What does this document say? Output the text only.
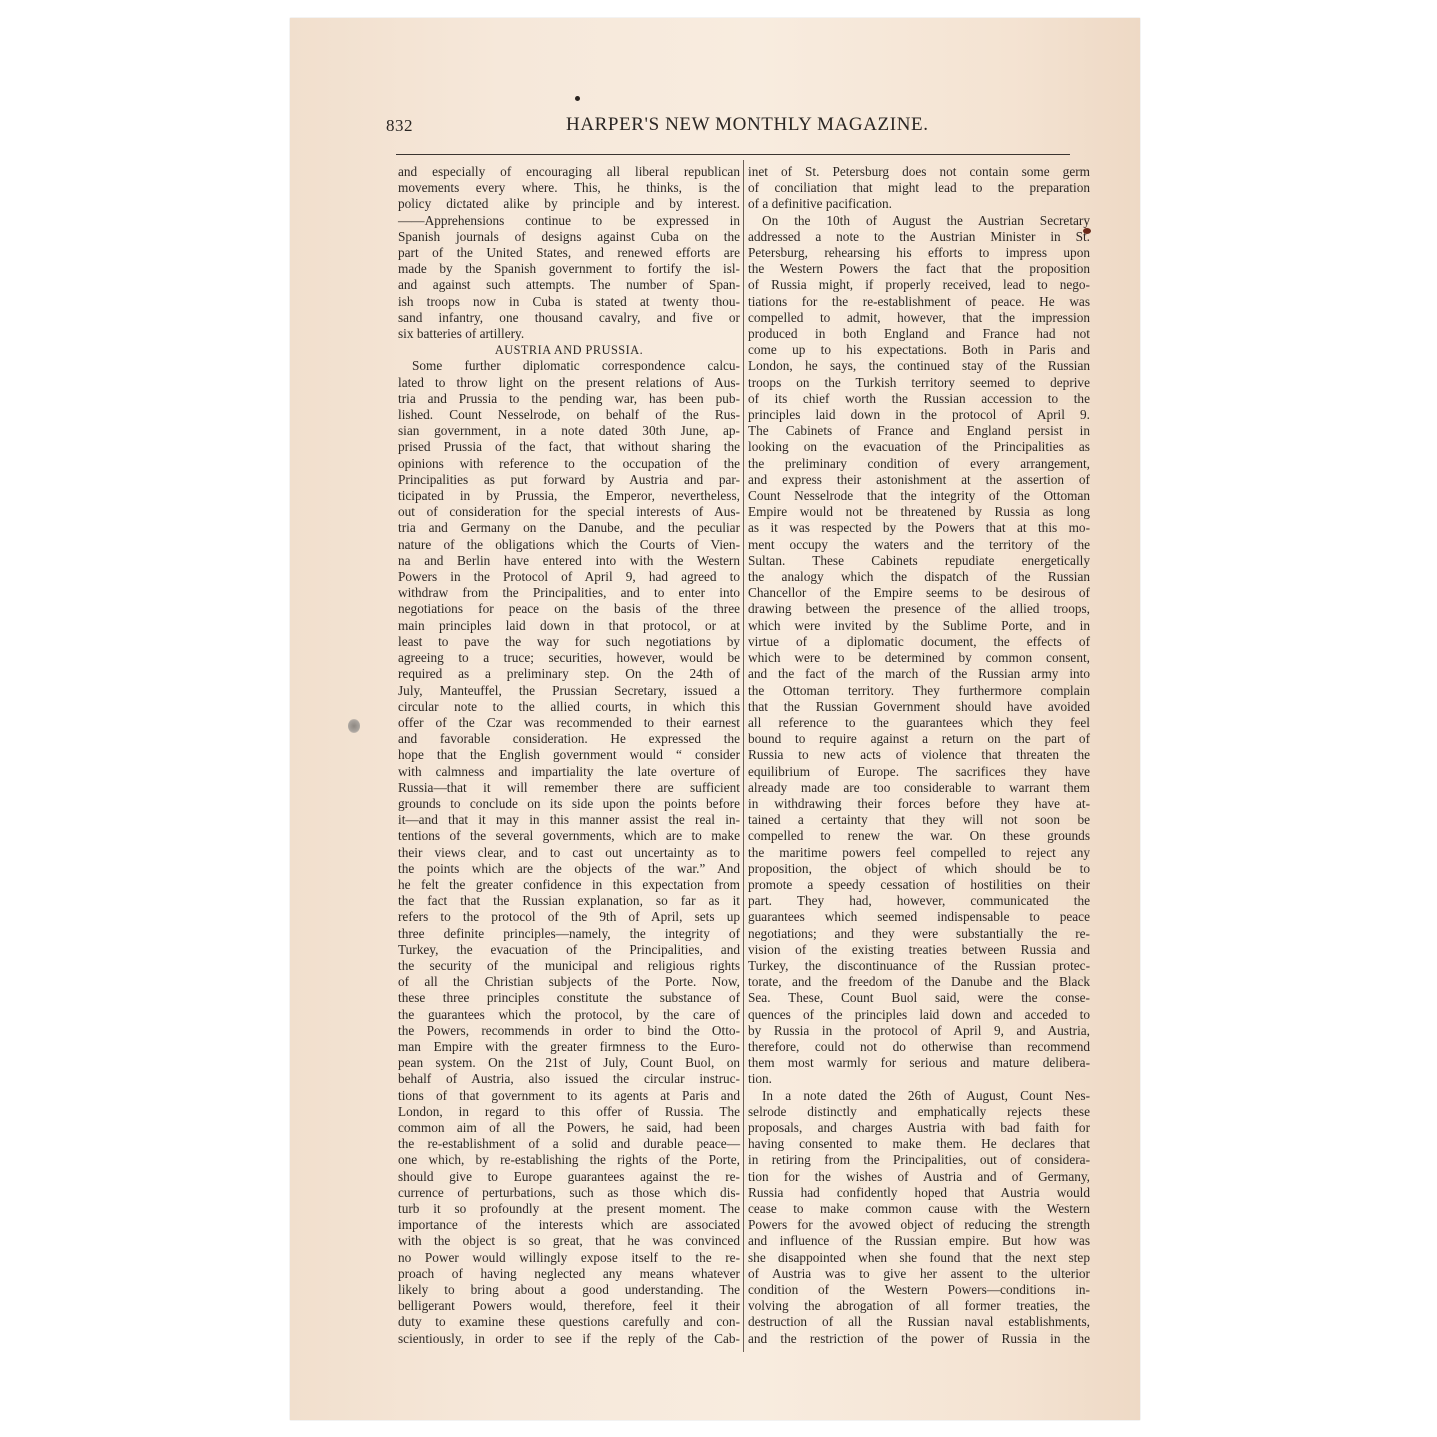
832	HARPER'S NEW MONTHLY MAGAZINE.
and especially of encouraging all liberal republican
movements every where. This, he thinks, is the
policy dictated alike by principle and by interest.
——Apprehensions continue to be expressed in
Spanish journals of designs against Cuba on the
part of the United States, and renewed efforts are
made by the Spanish government to fortify the isl-
and against such attempts. The number of Span-
ish troops now in Cuba is stated at twenty thou-
sand infantry, one thousand cavalry, and five or
six batteries of artillery.
AUSTRIA AND PRUSSIA.
Some further diplomatic correspondence calcu-
lated to throw light on the present relations of Aus-
tria and Prussia to the pending war, has been pub-
lished. Count Nesselrode, on behalf of the Rus-
sian government, in a note dated 30th June, ap-
prised Prussia of the fact, that without sharing the
opinions with reference to the occupation of the
Principalities as put forward by Austria and par-
ticipated in by Prussia, the Emperor, nevertheless,
out of consideration for the special interests of Aus-
tria and Germany on the Danube, and the peculiar
nature of the obligations which the Courts of Vien-
na and Berlin have entered into with the Western
Powers in the Protocol of April 9, had agreed to
withdraw from the Principalities, and to enter into
negotiations for peace on the basis of the three
main principles laid down in that protocol, or at
least to pave the way for such negotiations by
agreeing to a truce; securities, however, would be
required as a preliminary step. On the 24th of
July, Manteuffel, the Prussian Secretary, issued a
circular note to the allied courts, in which this
offer of the Czar was recommended to their earnest
and favorable consideration. He expressed the
hope that the English government would “ consider
with calmness and impartiality the late overture of
Russia—that it will remember there are sufficient
grounds to conclude on its side upon the points before
it—and that it may in this manner assist the real in-
tentions of the several governments, which are to make
their views clear, and to cast out uncertainty as to
the points which are the objects of the war.” And
he felt the greater confidence in this expectation from
the fact that the Russian explanation, so far as it
refers to the protocol of the 9th of April, sets up
three definite principles—namely, the integrity of
Turkey, the evacuation of the Principalities, and
the security of the municipal and religious rights
of all the Christian subjects of the Porte. Now,
these three principles constitute the substance of
the guarantees which the protocol, by the care of
the Powers, recommends in order to bind the Otto-
man Empire with the greater firmness to the Euro-
pean system. On the 21st of July, Count Buol, on
behalf of Austria, also issued the circular instruc-
tions of that government to its agents at Paris and
London, in regard to this offer of Russia. The
common aim of all the Powers, he said, had been
the re-establishment of a solid and durable peace—
one which, by re-establishing the rights of the Porte,
should give to Europe guarantees against the re-
currence of perturbations, such as those which dis-
turb it so profoundly at the present moment. The
importance of the interests which are associated
with the object is so great, that he was convinced
no Power would willingly expose itself to the re-
proach of having neglected any means whatever
likely to bring about a good understanding. The
belligerant Powers would, therefore, feel it their
duty to examine these questions carefully and con-
scientiously, in order to see if the reply of the Cab-
inet of St. Petersburg does not contain some germ
of conciliation that might lead to the preparation
of a definitive pacification.
On the 10th of August the Austrian Secretary
addressed a note to the Austrian Minister in St.
Petersburg, rehearsing his efforts to impress upon
the Western Powers the fact that the proposition
of Russia might, if properly received, lead to nego-
tiations for the re-establishment of peace. He was
compelled to admit, however, that the impression
produced in both England and France had not
come up to his expectations. Both in Paris and
London, he says, the continued stay of the Russian
troops on the Turkish territory seemed to deprive
of its chief worth the Russian accession to the
principles laid down in the protocol of April 9.
The Cabinets of France and England persist in
looking on the evacuation of the Principalities as
the preliminary condition of every arrangement,
and express their astonishment at the assertion of
Count Nesselrode that the integrity of the Ottoman
Empire would not be threatened by Russia as long
as it was respected by the Powers that at this mo-
ment occupy the waters and the territory of the
Sultan. These Cabinets repudiate energetically
the analogy which the dispatch of the Russian
Chancellor of the Empire seems to be desirous of
drawing between the presence of the allied troops,
which were invited by the Sublime Porte, and in
virtue of a diplomatic document, the effects of
which were to be determined by common consent,
and the fact of the march of the Russian army into
the Ottoman territory. They furthermore complain
that the Russian Government should have avoided
all reference to the guarantees which they feel
bound to require against a return on the part of
Russia to new acts of violence that threaten the
equilibrium of Europe. The sacrifices they have
already made are too considerable to warrant them
in withdrawing their forces before they have at-
tained a certainty that they will not soon be
compelled to renew the war. On these grounds
the maritime powers feel compelled to reject any
proposition, the object of which should be to
promote a speedy cessation of hostilities on their
part. They had, however, communicated the
guarantees which seemed indispensable to peace
negotiations; and they were substantially the re-
vision of the existing treaties between Russia and
Turkey, the discontinuance of the Russian protec-
torate, and the freedom of the Danube and the Black
Sea. These, Count Buol said, were the conse-
quences of the principles laid down and acceded to
by Russia in the protocol of April 9, and Austria,
therefore, could not do otherwise than recommend
them most warmly for serious and mature delibera-
tion.
In a note dated the 26th of August, Count Nes-
selrode distinctly and emphatically rejects these
proposals, and charges Austria with bad faith for
having consented to make them. He declares that
in retiring from the Principalities, out of considera-
tion for the wishes of Austria and of Germany,
Russia had confidently hoped that Austria would
cease to make common cause with the Western
Powers for the avowed object of reducing the strength
and influence of the Russian empire. But how was
she disappointed when she found that the next step
of Austria was to give her assent to the ulterior
condition of the Western Powers—conditions in-
volving the abrogation of all former treaties, the
destruction of all the Russian naval establishments,
and the restriction of the power of Russia in the
